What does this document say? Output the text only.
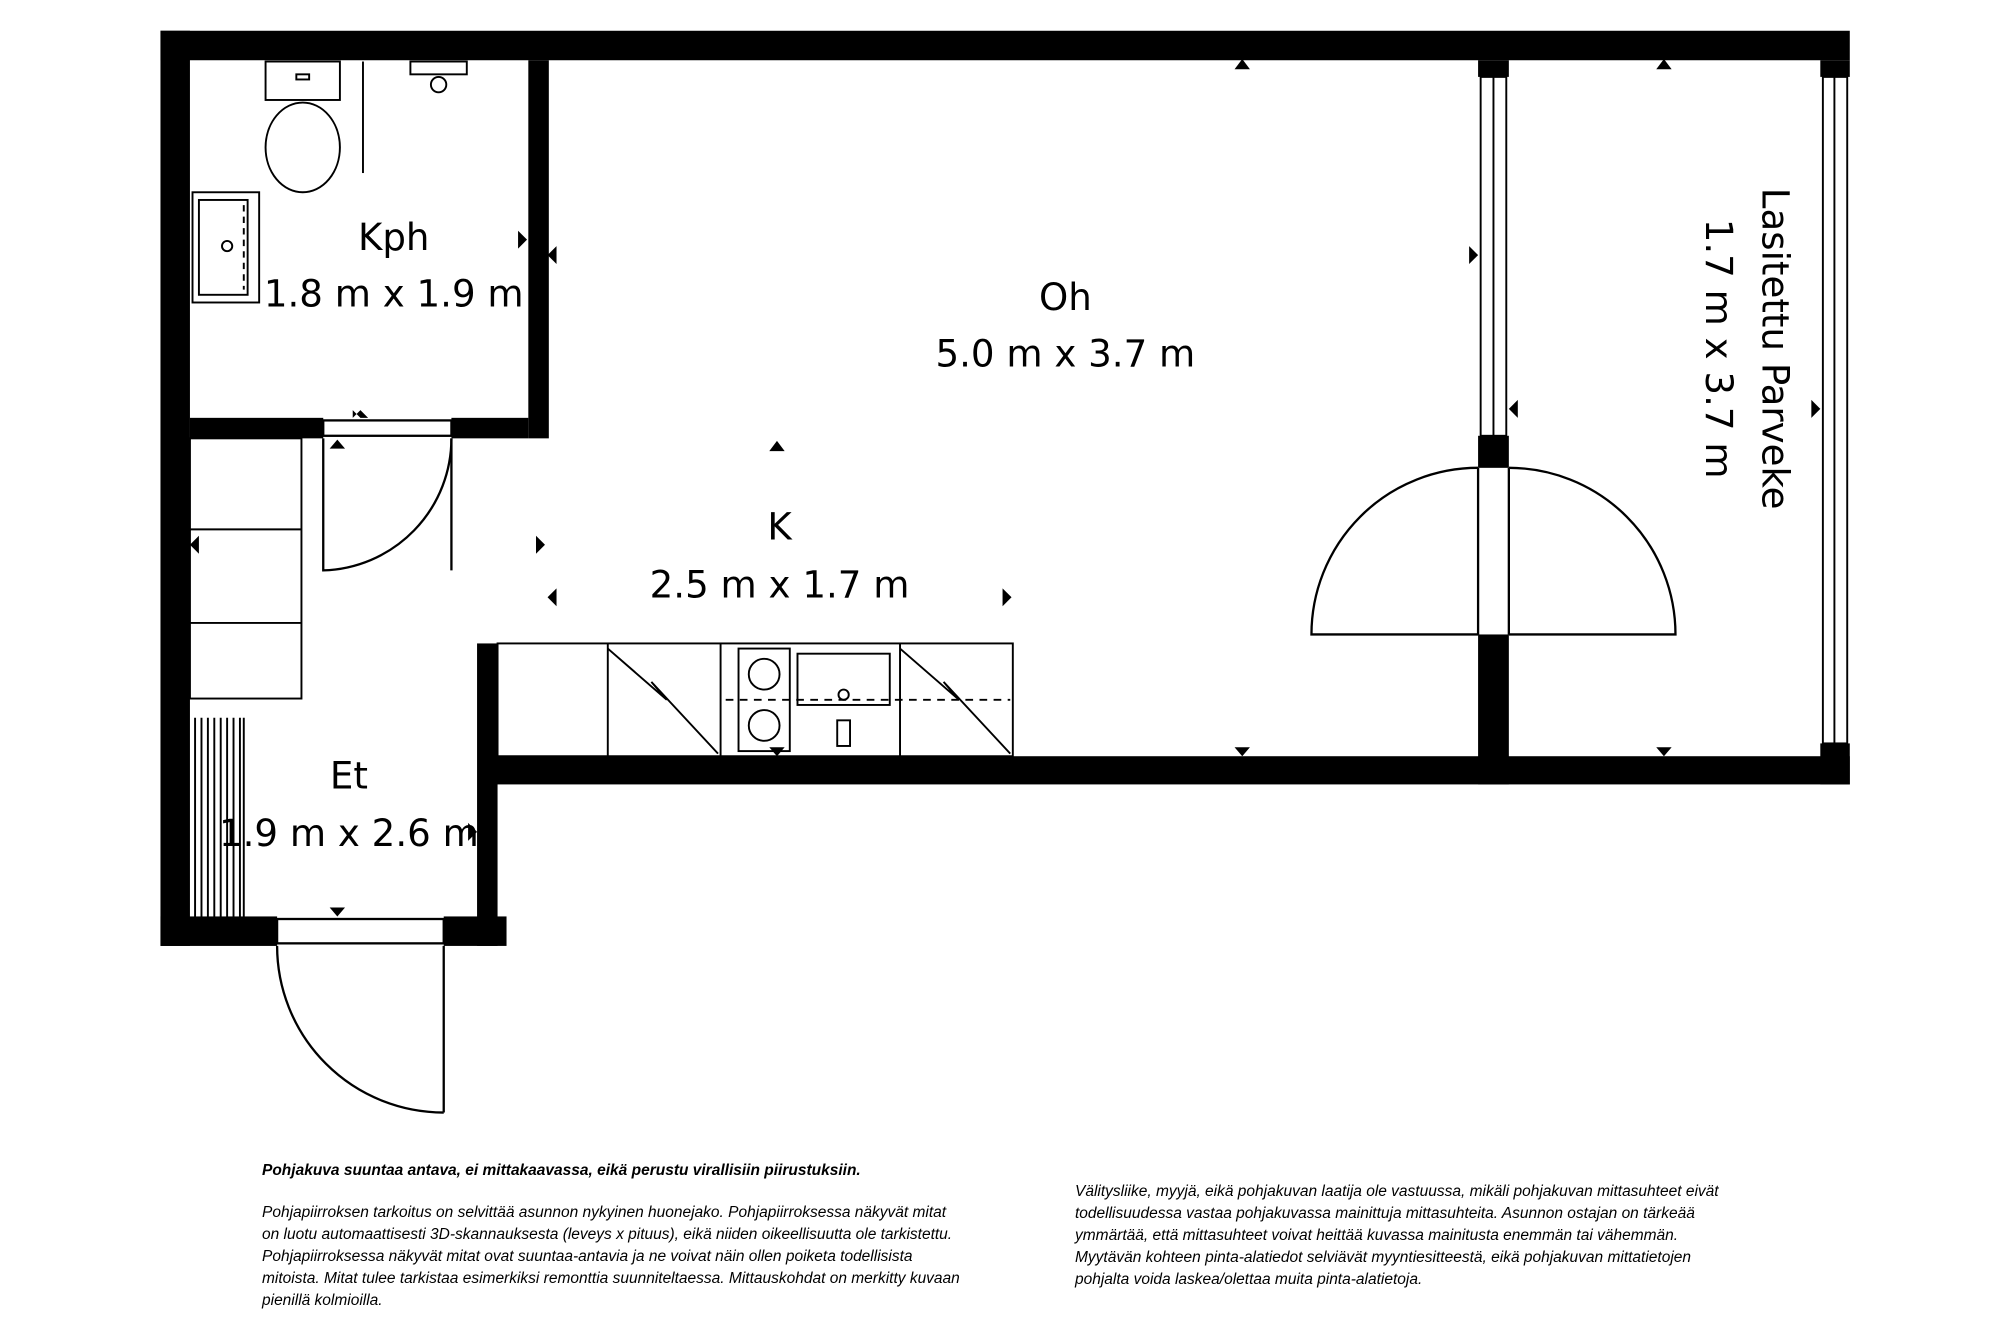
Kph
1.8 m x 1.9 m	Oh
5.0 m x 3.7 m
K
2.5 m x 1.7 m
Et
1.9 m x 2.6 m
Lasitettu Parveke
1.7 m x 3.7 m

Pohjakuva suuntaa antava, ei mittakaavassa, eikä perustu virallisiin piirustuksiin.

Pohjapiirroksen tarkoitus on selvittää asunnon nykyinen huonejako. Pohjapiirroksessa näkyvät mitat on luotu automaattisesti 3D-skannauksesta (leveys x pituus), eikä niiden oikeellisuutta ole tarkistettu. Pohjapiirroksessa näkyvät mitat ovat suuntaa-antavia ja ne voivat näin ollen poiketa todellisista mitoista. Mitat tulee tarkistaa esimerkiksi remonttia suunniteltaessa. Mittauskohdat on merkitty kuvaan pienillä kolmioilla.

Välitysliike, myyjä, eikä pohjakuvan laatija ole vastuussa, mikäli pohjakuvan mittasuhteet eivät todellisuudessa vastaa pohjakuvassa mainittuja mittasuhteita. Asunnon ostajan on tärkeää ymmärtää, että mittasuhteet voivat heittää kuvassa mainitusta enemmän tai vähemmän. Myytävän kohteen pinta-alatiedot selviävät myyntiesitteestä, eikä pohjakuvan mittatietojen pohjalta voida laskea/olettaa muita pinta-alatietoja.
